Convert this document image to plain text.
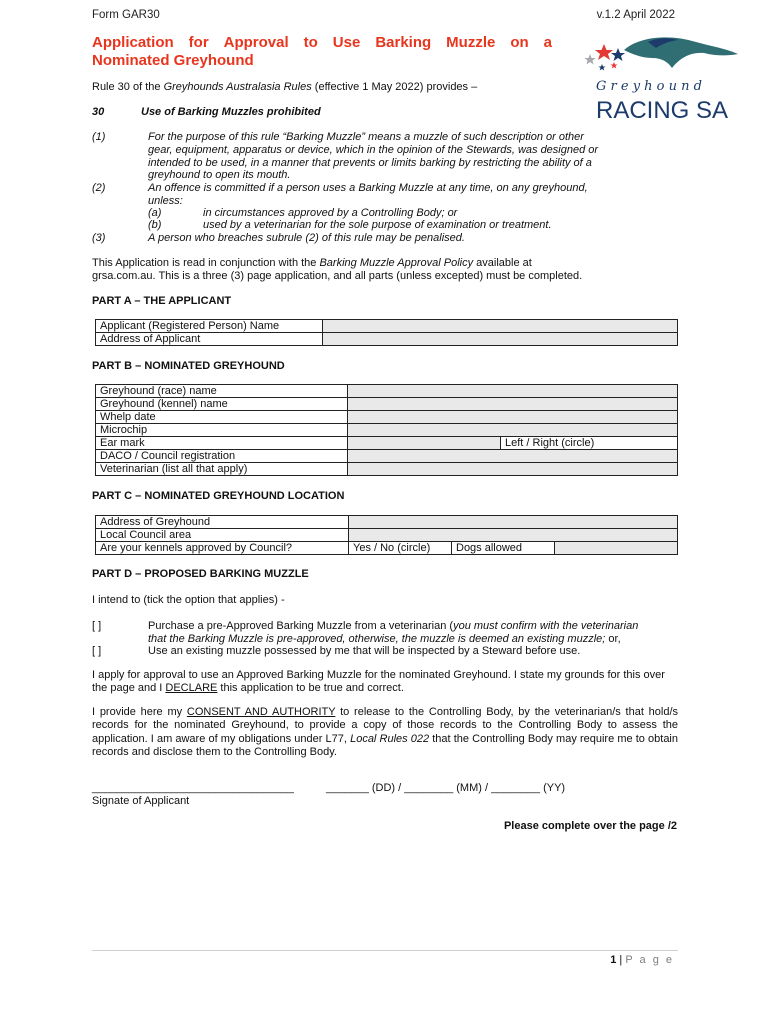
Form GAR30	v.1.2 April 2022
Application for Approval to Use Barking Muzzle on a
Nominated Greyhound
G r e y h o u n d
RACING SA
Rule 30 of the Greyhounds Australasia Rules (effective 1 May 2022) provides –
30	Use of Barking Muzzles prohibited
(1)	For the purpose of this rule “Barking Muzzle” means a muzzle of such description or other
gear, equipment, apparatus or device, which in the opinion of the Stewards, was designed or
intended to be used, in a manner that prevents or limits barking by restricting the ability of a
greyhound to open its mouth.
(2)	An offence is committed if a person uses a Barking Muzzle at any time, on any greyhound,
unless:
(a)	in circumstances approved by a Controlling Body; or
(b)	used by a veterinarian for the sole purpose of examination or treatment.
(3)	A person who breaches subrule (2) of this rule may be penalised.
This Application is read in conjunction with the Barking Muzzle Approval Policy available at
grsa.com.au. This is a three (3) page application, and all parts (unless excepted) must be completed.
PART A – THE APPLICANT
Applicant (Registered Person) Name	
Address of Applicant	
PART B – NOMINATED GREYHOUND
Greyhound (race) name		
Greyhound (kennel) name		
Whelp date		
Microchip		
Ear mark		Left / Right (circle)
DACO / Council registration		
Veterinarian (list all that apply)		
PART C – NOMINATED GREYHOUND LOCATION
Address of Greyhound			
Local Council area			
Are your kennels approved by Council?	Yes / No (circle)	Dogs allowed	
PART D – PROPOSED BARKING MUZZLE
I intend to (tick the option that applies) -
[ ]	Purchase a pre-Approved Barking Muzzle from a veterinarian (you must confirm with the veterinarian
that the Barking Muzzle is pre-approved, otherwise, the muzzle is deemed an existing muzzle; or,
[ ]	Use an existing muzzle possessed by me that will be inspected by a Steward before use.
I apply for approval to use an Approved Barking Muzzle for the nominated Greyhound. I state my grounds for this over the page and I DECLARE this application to be true and correct.
I provide here my CONSENT AND AUTHORITY to release to the Controlling Body, by the veterinarian/s that hold/s records for the nominated Greyhound, to provide a copy of those records to the Controlling Body to assess the application. I am aware of my obligations under L77, Local Rules 022 that the Controlling Body may require me to obtain records and disclose them to the Controlling Body.
_________________________________	_______ (DD) / ________ (MM) / ________ (YY)
Signate of Applicant
Please complete over the page /2
1 | P a g e
